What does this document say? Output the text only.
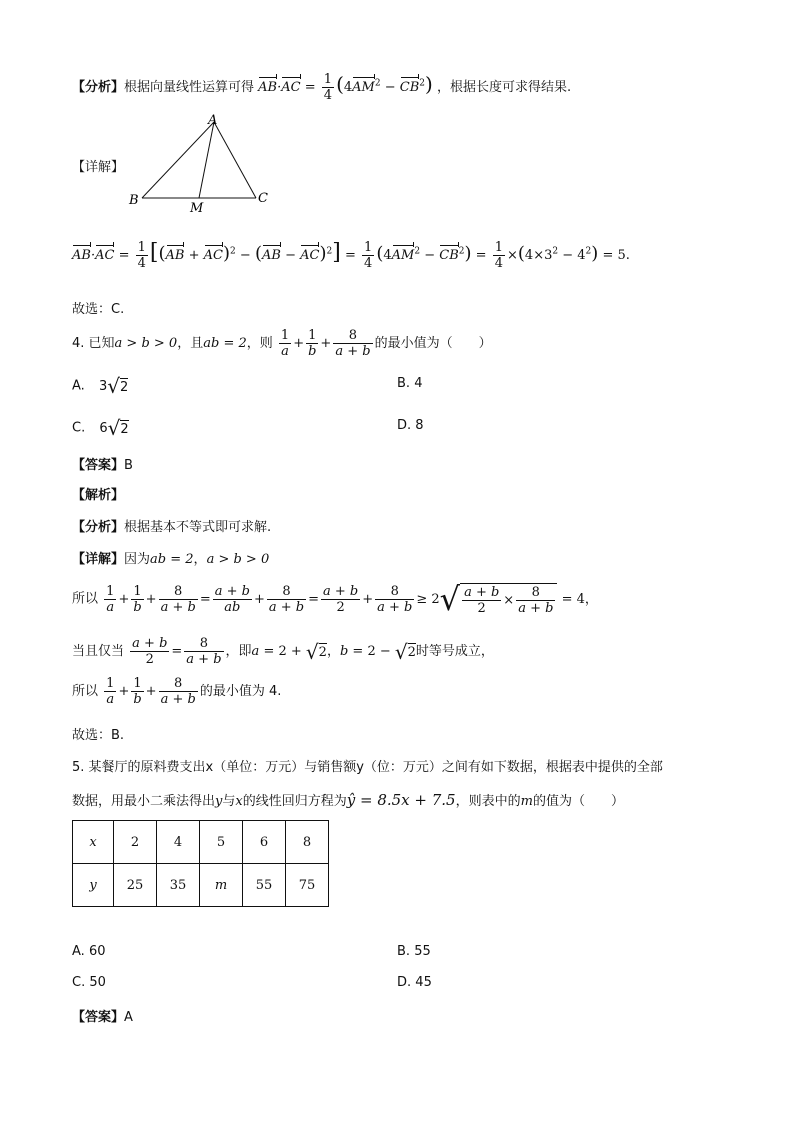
【分析】根据向量线性运算可得 $AB\cdot AC = \frac{1}{4} (4AM^2 - CB^2)$ ，根据长度可求得结果.
【详解】
A
B
M
C
$AB\cdot AC = \frac{1}{4} [(AB + AC)^2 - (AB - AC)^2] = \frac{1}{4} (4AM^2 - CB^2) = \frac{1}{4} \times(4\times 3^2 - 4^2) = 5$.
故选：C.
4. 已知a > b > 0，且ab = 2，则 $\frac{1}{a} + \frac{1}{b} + \frac{8}{a + b}$ 的最小值为（　　）
A. 3√2	B. 4
C. 6√2	D. 8
【答案】B
【解析】
【分析】根据基本不等式即可求解.
【详解】因为ab = 2，a > b > 0
所以 $\frac{1}{a} + \frac{1}{b} + \frac{8}{a + b} = \frac{a + b}{ab} + \frac{8}{a + b} = \frac{a + b}{2} + \frac{8}{a + b} \ge 2√ \frac{a + b}{2} \times \frac{8}{a + b} = 4$，
当且仅当 $\frac{a + b}{2} = \frac{8}{a + b}$ ，即a = 2 + √2，b = 2 − √2时等号成立，
所以 $\frac{1}{a} + \frac{1}{b} + \frac{8}{a + b}$ 的最小值为 4.
故选：B.
5. 某餐厅的原料费支出x（单位：万元）与销售额y（位：万元）之间有如下数据，根据表中提供的全部
数据，用最小二乘法得出y与x的线性回归方程为ŷ = 8.5x + 7.5，则表中的m的值为（　　）
x	2	4	5	6	8
y	25	35	m	55	75
A. 60	B. 55
C. 50	D. 45
【答案】A
